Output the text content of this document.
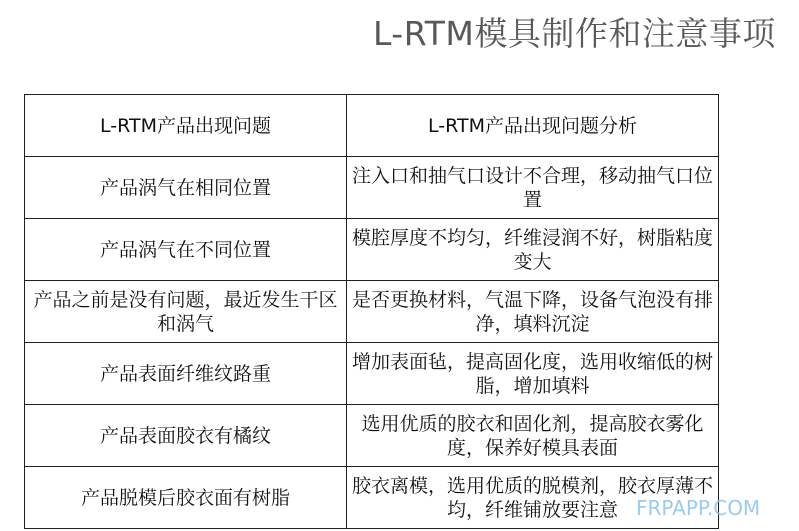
L-RTM模具制作和注意事项
L-RTM产品出现问题	L-RTM产品出现问题分析
产品涡气在相同位置	注入口和抽气口设计不合理，移动抽气口位置
产品涡气在不同位置	模腔厚度不均匀，纤维浸润不好，树脂粘度变大
产品之前是没有问题，最近发生干区和涡气	是否更换材料，气温下降，设备气泡没有排净，填料沉淀
产品表面纤维纹路重	增加表面毡，提高固化度，选用收缩低的树脂，增加填料
产品表面胶衣有橘纹	选用优质的胶衣和固化剂，提高胶衣雾化度，保养好模具表面
产品脱模后胶衣面有树脂	胶衣离模，选用优质的脱模剂，胶衣厚薄不均，纤维铺放要注意 FRPAPP.COM
